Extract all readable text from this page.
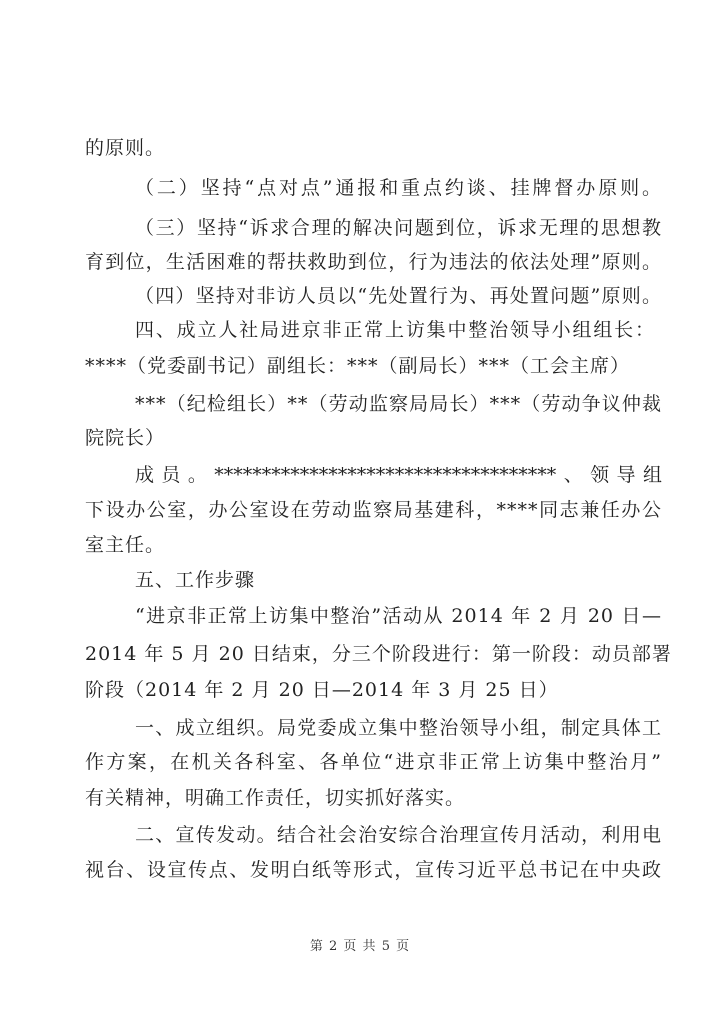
的原则。
（二）坚持“点对点”通报和重点约谈、挂牌督办原则。
（三）坚持“诉求合理的解决问题到位，诉求无理的思想教
育到位，生活困难的帮扶救助到位，行为违法的依法处理”原则。
（四）坚持对非访人员以“先处置行为、再处置问题”原则。
四、成立人社局进京非正常上访集中整治领导小组组长：
****（党委副书记）副组长：***（副局长）***（工会主席）
***（纪检组长）**（劳动监察局局长）***（劳动争议仲裁
院院长）
成员。************************************、领导组
下设办公室，办公室设在劳动监察局基建科，****同志兼任办公
室主任。
五、工作步骤
“进京非正常上访集中整治”活动从 2014 年 2 月 20 日—
2014 年 5 月 20 日结束，分三个阶段进行：第一阶段：动员部署
阶段（2014 年 2 月 20 日—2014 年 3 月 25 日）
一、成立组织。局党委成立集中整治领导小组，制定具体工
作方案，在机关各科室、各单位“进京非正常上访集中整治月”
有关精神，明确工作责任，切实抓好落实。
二、宣传发动。结合社会治安综合治理宣传月活动，利用电
视台、设宣传点、发明白纸等形式，宣传习近平总书记在中央政
第 2 页 共 5 页
